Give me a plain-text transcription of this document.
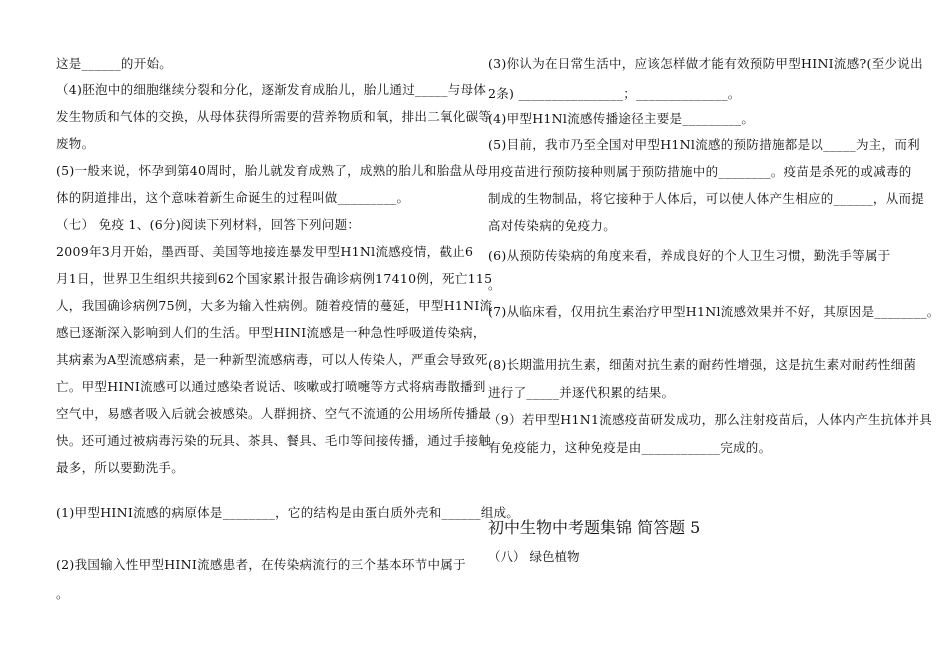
这是______的开始。
（4)胚泡中的细胞继续分裂和分化，逐渐发育成胎儿，胎儿通过_____与母体
发生物质和气体的交换，从母体获得所需要的营养物质和氧，排出二氧化碳等
废物。
(5)一般来说，怀孕到第40周时，胎儿就发育成熟了，成熟的胎儿和胎盘从母
体的阴道排出，这个意味着新生命诞生的过程叫做_________。
（七） 免疫 1、(6分)阅读下列材料，回答下列问题：
2009年3月开始，墨西哥、美国等地接连暴发甲型H1Nl流感疫情，截止6
月1日，世界卫生组织共接到62个国家累计报告确诊病例17410例，死亡115
人，我国确诊病例75例，大多为输入性病例。随着疫情的蔓延，甲型H1NI流
感已逐渐深入影响到人们的生活。甲型HINI流感是一种急性呼吸道传染病，
其病素为A型流感病素，是一种新型流感病毒，可以人传染人，严重会导致死
亡。甲型HINI流感可以通过感染者说话、咳嗽或打喷嚏等方式将病毒散播到
空气中，易感者吸入后就会被感染。人群拥挤、空气不流通的公用场所传播最
快。还可通过被病毒污染的玩具、茶具、餐具、毛巾等间接传播，通过手接触
最多，所以要勤洗手。
(1)甲型HINI流感的病原体是________，它的结构是由蛋白质外壳和______组成。
(2)我国输入性甲型HINI流感患者，在传染病流行的三个基本环节中属于
。
(3)你认为在日常生活中，应该怎样做才能有效预防甲型HINI流感?(至少说出
2条) ________________；______________。
(4)甲型H1Nl流感传播途径主要是_________。
(5)目前，我市乃至全国对甲型H1Nl流感的预防措施都是以_____为主，而利
用疫苗进行预防接种则属于预防措施中的________。疫苗是杀死的或减毒的
制成的生物制品，将它接种于人体后，可以使人体产生相应的______，从而提
高对传染病的免疫力。
(6)从预防传染病的角度来看，养成良好的个人卫生习惯，勤洗手等属于
。
(7)从临床看，仅用抗生素治疗甲型H1Nl流感效果并不好，其原因是________。
(8)长期滥用抗生素，细菌对抗生素的耐药性增强，这是抗生素对耐药性细菌
进行了_____并逐代积累的结果。
（9）若甲型H1N1流感疫苗研发成功，那么注射疫苗后，人体内产生抗体并具
有免疫能力，这种免疫是由____________完成的。
初中生物中考题集锦 简答题 5
（八） 绿色植物
